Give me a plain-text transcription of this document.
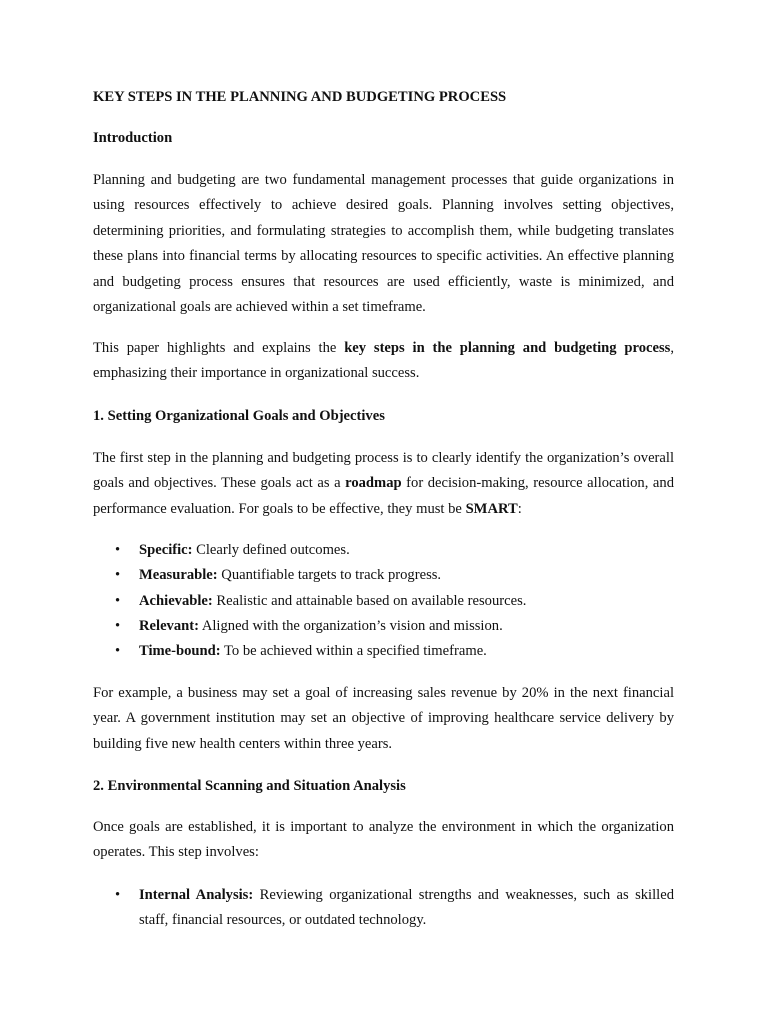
KEY STEPS IN THE PLANNING AND BUDGETING PROCESS
Introduction

Planning and budgeting are two fundamental management processes that guide organizations in using resources effectively to achieve desired goals. Planning involves setting objectives, determining priorities, and formulating strategies to accomplish them, while budgeting translates these plans into financial terms by allocating resources to specific activities. An effective planning and budgeting process ensures that resources are used efficiently, waste is minimized, and organizational goals are achieved within a set timeframe.

This paper highlights and explains the key steps in the planning and budgeting process, emphasizing their importance in organizational success.

1. Setting Organizational Goals and Objectives

The first step in the planning and budgeting process is to clearly identify the organization’s overall goals and objectives. These goals act as a roadmap for decision-making, resource allocation, and performance evaluation. For goals to be effective, they must be SMART:

• Specific: Clearly defined outcomes.
• Measurable: Quantifiable targets to track progress.
• Achievable: Realistic and attainable based on available resources.
• Relevant: Aligned with the organization’s vision and mission.
• Time-bound: To be achieved within a specified timeframe.

For example, a business may set a goal of increasing sales revenue by 20% in the next financial year. A government institution may set an objective of improving healthcare service delivery by building five new health centers within three years.

2. Environmental Scanning and Situation Analysis

Once goals are established, it is important to analyze the environment in which the organization operates. This step involves:

• Internal Analysis: Reviewing organizational strengths and weaknesses, such as skilled staff, financial resources, or outdated technology.
